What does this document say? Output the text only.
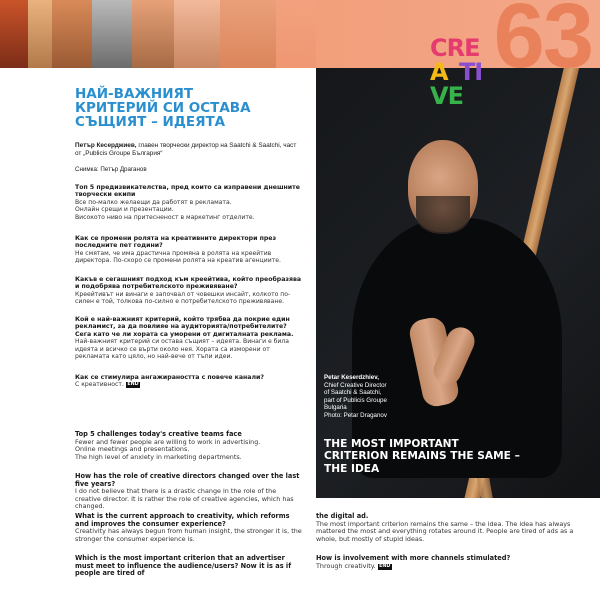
63
Petar Keserdzhiev,
Chief Creative Director
of Saatchi & Saatchi,
part of Publicis Groupe
Bulgaria
Photo: Petar Draganov
THE MOST IMPORTANT CRITERION REMAINS THE SAME – THE IDEA
CRE
A TI
VE
НАЙ-ВАЖНИЯТ КРИТЕРИЙ СИ ОСТАВА СЪЩИЯТ – ИДЕЯТА
Петър Кесерджиев, главен творчески директор на Saatchi & Saatchi, част от „Publicis Groupe България“
Снимка: Петър Драганов
Топ 5 предизвикателства, пред които са изправени днешните творчески екипи
Все по-малко желаещи да работят в рекламата.
Онлайн срещи и презентации.
Високото ниво на притесненост в маркетинг отделите.
Как се промени ролята на креативните директори през последните пет години?
Не смятам, че има драстична промяна в ролята на креейтив директора. По-скоро се промени ролята на креатив агенциите.
Какъв е сегашният подход към креейтива, който преобразява и подобрява потребителското преживяване?
Креейтивът ни винаги е започвал от човешки инсайт, колкото по-силен е той, толкова по-силно е потребителското преживяване.
Кой е най-важният критерий, който трябва да покрие един рекламист, за да повлияе на аудиторията/потребителите? Сега като че ли хората са уморени от дигиталната реклама.
Най-важният критерий си остава същият – идеята. Винаги е била идеята и всичко се върти около нея. Хората са изморени от рекламата като цяло, но най-вече от тъпи идеи.
Как се стимулира ангажираността с повече канали?
С креативност. END
Top 5 challenges today's creative teams face
Fewer and fewer people are willing to work in advertising.
Online meetings and presentations.
The high level of anxiety in marketing departments.
How has the role of creative directors changed over the last five years?
I do not believe that there is a drastic change in the role of the creative director. It is rather the role of creative agencies, which has changed.
What is the current approach to creativity, which reforms and improves the consumer experience?
Creativity has always begun from human insight, the stronger it is, the stronger the consumer experience is.
Which is the most important criterion that an advertiser must meet to influence the audience/users? Now it is as if people are tired of
the digital ad.
The most important criterion remains the same – the idea. The idea has always mattered the most and everything rotates around it. People are tired of ads as a whole, but mostly of stupid ideas.
How is involvement with more channels stimulated?
Through creativity. END
